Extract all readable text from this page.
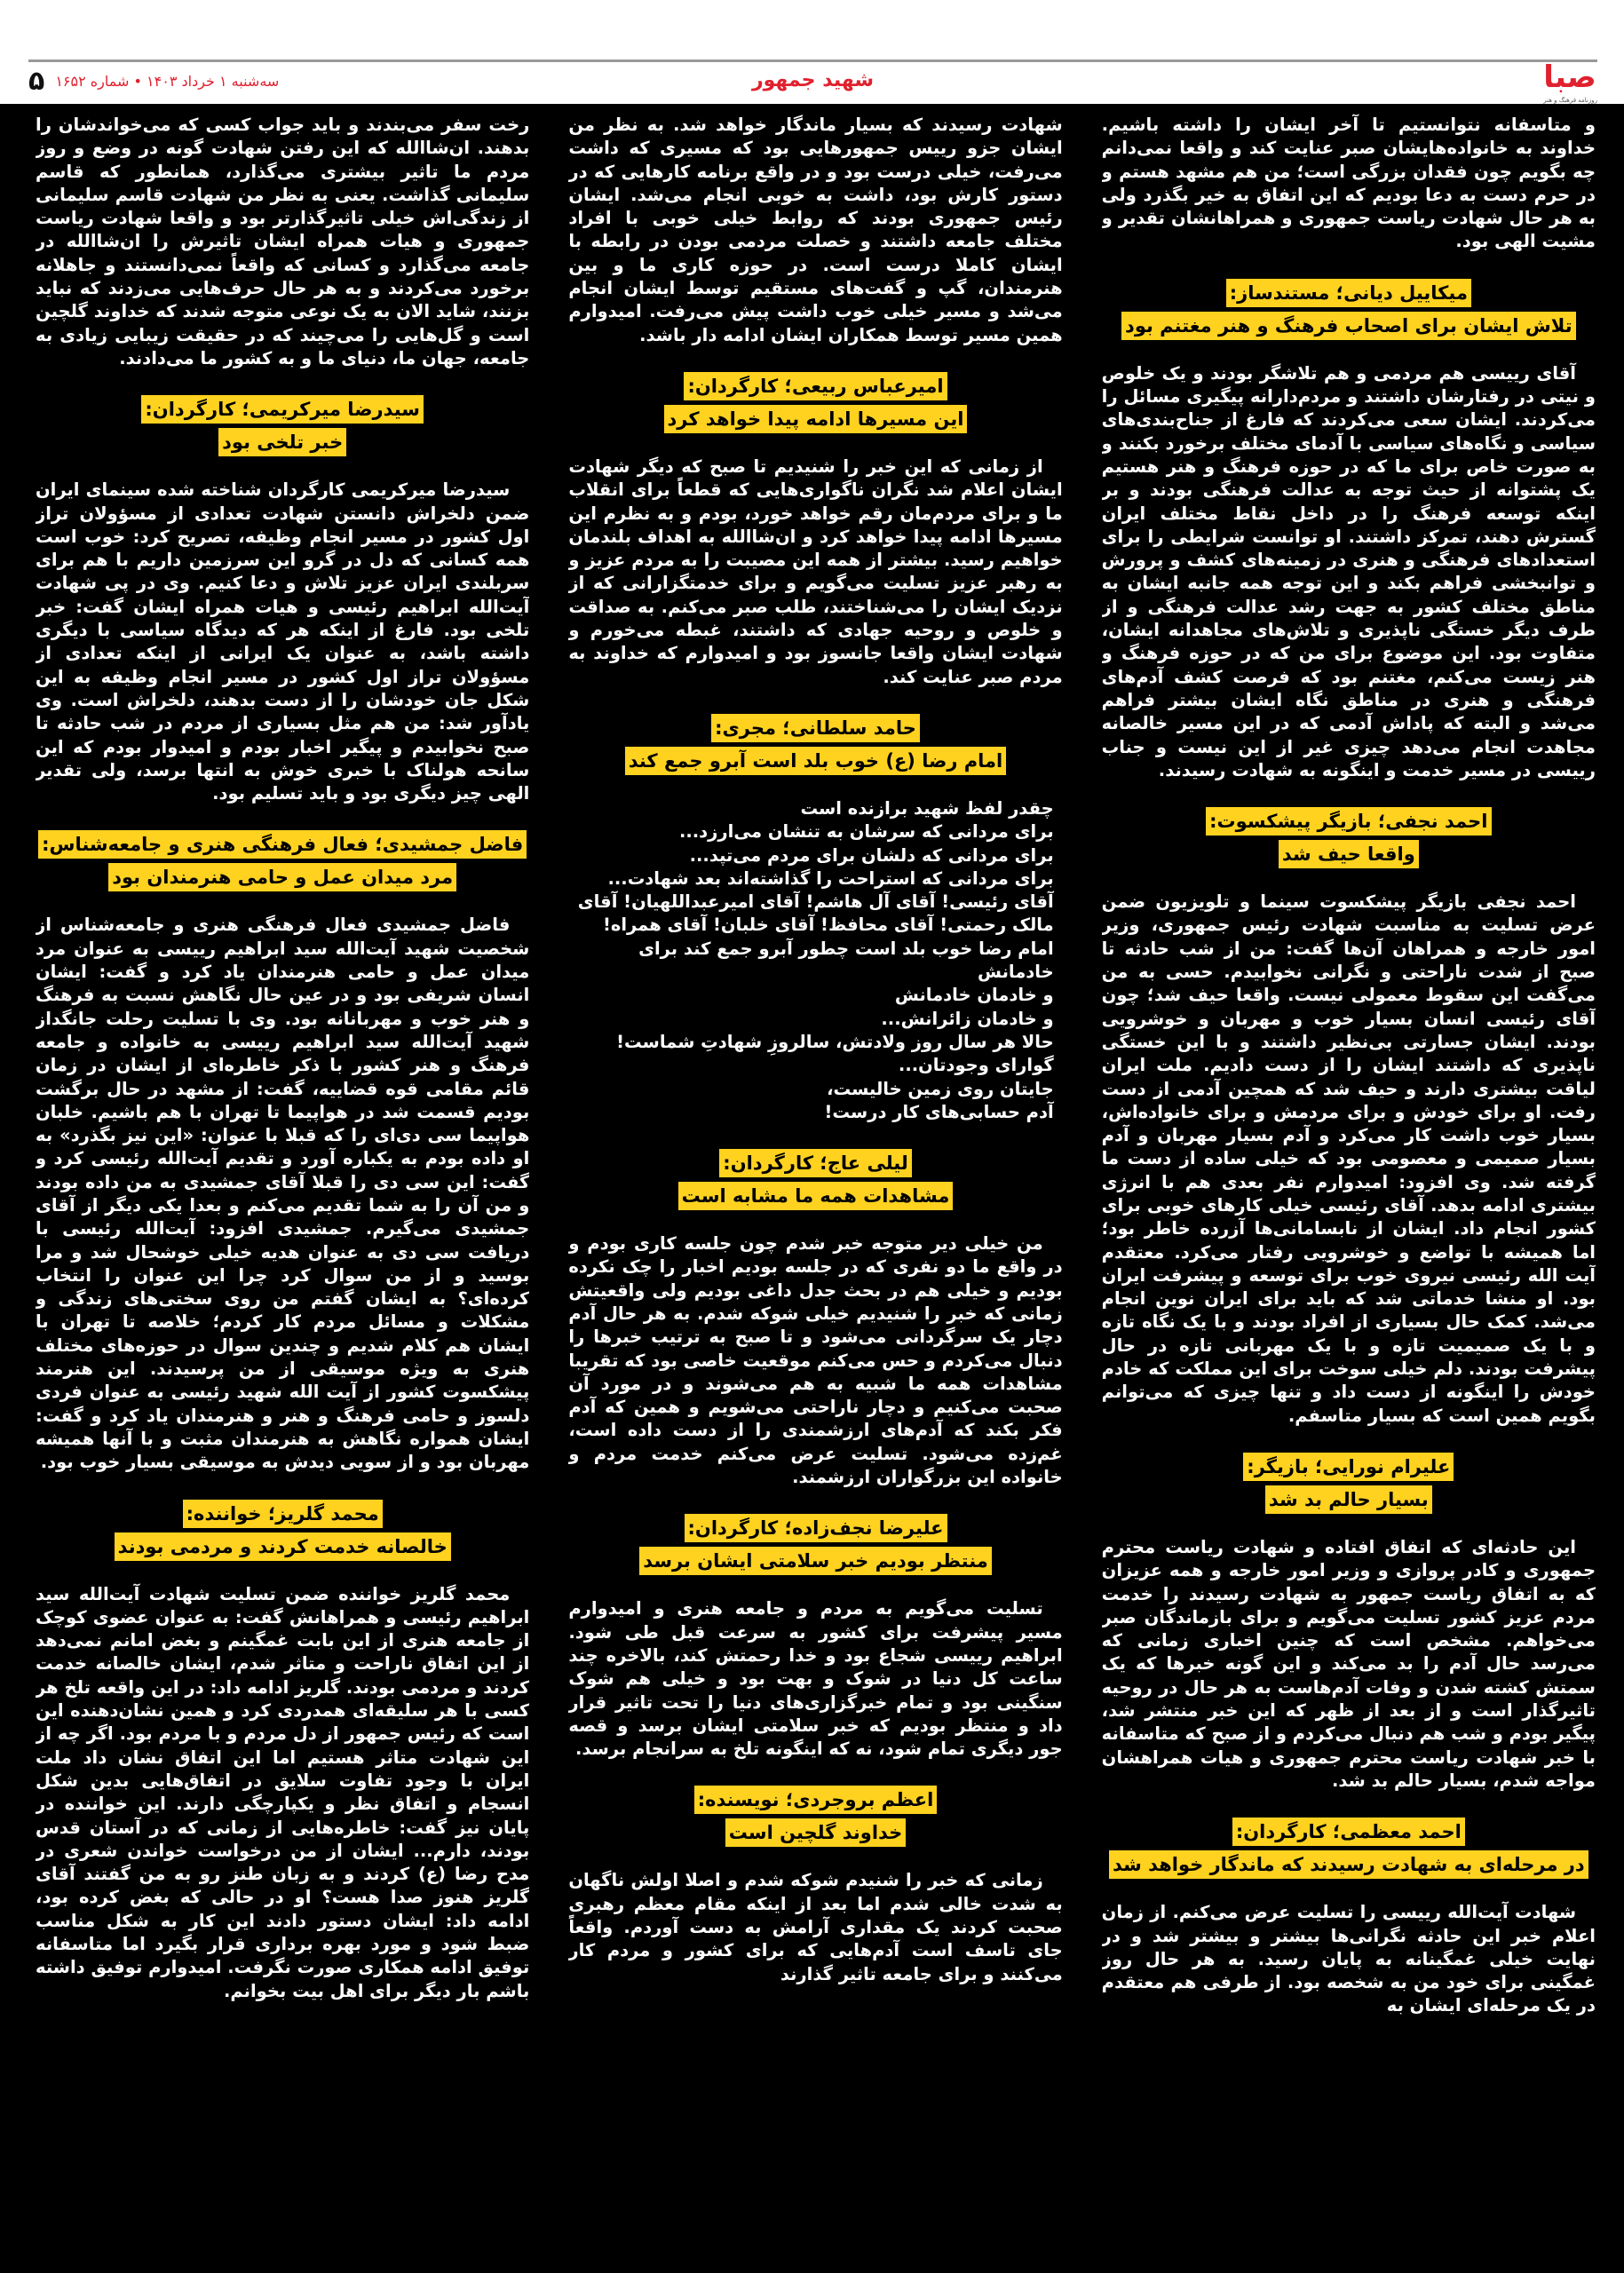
صبا
روزنامه فرهنگ و هنر
شهید جمهور
۵ سه‌شنبه ۱ خرداد ۱۴۰۳ • شماره ۱۶۵۲

و متاسفانه نتوانستیم تا آخر ایشان را داشته باشیم. خداوند به خانواده‌هایشان صبر عنایت کند و واقعا نمی‌دانم چه بگویم چون فقدان بزرگی است؛ من هم مشهد هستم و در حرم دست به دعا بودیم که این اتفاق به خیر بگذرد ولی به هر حال شهادت ریاست جمهوری و همراهانشان تقدیر و مشیت الهی بود.

میکاییل دیانی؛ مستندساز:
تلاش ایشان برای اصحاب فرهنگ و هنر مغتنم بود

آقای رییسی هم مردمی و هم تلاشگر بودند و یک خلوص و نیتی در رفتارشان داشتند و مردم‌دارانه پیگیری مسائل را می‌کردند. ایشان سعی می‌کردند که فارغ از جناح‌بندی‌های سیاسی و نگاه‌های سیاسی با آدمای مختلف برخورد بکنند و به صورت خاص برای ما که در حوزه فرهنگ و هنر هستیم یک پشتوانه از حیث توجه به عدالت فرهنگی بودند و بر اینکه توسعه فرهنگ را در داخل نقاط مختلف ایران گسترش دهند، تمرکز داشتند. او توانست شرایطی را برای استعدادهای فرهنگی و هنری در زمینه‌های کشف و پرورش و توانبخشی فراهم بکند و این توجه همه جانبه ایشان به مناطق مختلف کشور به جهت رشد عدالت فرهنگی و از طرف دیگر خستگی ناپذیری و تلاش‌های مجاهدانه ایشان، متفاوت بود. این موضوع برای من که در حوزه فرهنگ و هنر زیست می‌کنم، مغتنم بود که فرصت کشف آدم‌های فرهنگی و هنری در مناطق نگاه ایشان بیشتر فراهم می‌شد و البته که پاداش آدمی که در این مسیر خالصانه مجاهدت انجام می‌دهد چیزی غیر از این نیست و جناب رییسی در مسیر خدمت و اینگونه به شهادت رسیدند.

احمد نجفی؛ بازیگر پیشکسوت:
واقعا حیف شد

احمد نجفی بازیگر پیشکسوت سینما و تلویزیون ضمن عرض تسلیت به مناسبت شهادت رئیس جمهوری، وزیر امور خارجه و همراهان آن‌ها گفت: من از شب حادثه تا صبح از شدت ناراحتی و نگرانی نخوابیدم. حسی به من می‌گفت این سقوط معمولی نیست. واقعا حیف شد؛ چون آقای رئیسی انسان بسیار خوب و مهربان و خوشرویی بودند. ایشان جسارتی بی‌نظیر داشتند و با این خستگی ناپذیری که داشتند ایشان را از دست دادیم. ملت ایران لیاقت بیشتری دارند و حیف شد که همچین آدمی از دست رفت. او برای خودش و برای مردمش و برای خانواده‌اش، بسیار خوب داشت کار می‌کرد و آدم بسیار مهربان و آدم بسیار صمیمی و معصومی بود که خیلی ساده از دست ما گرفته شد. وی افزود: امیدوارم نفر بعدی هم با انرژی بیشتری ادامه بدهد. آقای رئیسی خیلی کارهای خوبی برای کشور انجام داد. ایشان از نابسامانی‌ها آزرده خاطر بود؛ اما همیشه با تواضع و خوشرویی رفتار می‌کرد. معتقدم آیت الله رئیسی نیروی خوب برای توسعه و پیشرفت ایران بود. او منشا خدماتی شد که باید برای ایران نوین انجام می‌شد. کمک حال بسیاری از افراد بودند و با یک نگاه تازه و با یک صمیمیت تازه و با یک مهربانی تازه در حال پیشرفت بودند. دلم خیلی سوخت برای این مملکت که خادم خودش را اینگونه از دست داد و تنها چیزی که می‌توانم بگویم همین است که بسیار متاسفم.

علیرام نورایی؛ بازیگر:
بسیار حالم بد شد

این حادثه‌ای که اتفاق افتاده و شهادت ریاست محترم جمهوری و کادر پروازی و وزیر امور خارجه و همه عزیزان که به اتفاق ریاست جمهور به شهادت رسیدند را خدمت مردم عزیز کشور تسلیت می‌گویم و برای بازماندگان صبر می‌خواهم. مشخص است که چنین اخباری زمانی که می‌رسد حال آدم را بد می‌کند و این گونه خبرها که یک سمتش کشته شدن و وفات آدم‌هاست به هر حال در روحیه تاثیرگذار است و از بعد از ظهر که این خبر منتشر شد، پیگیر بودم و شب هم دنبال می‌کردم و از صبح که متاسفانه با خبر شهادت ریاست محترم جمهوری و هیات همراهشان مواجه شدم، بسیار حالم بد شد.

احمد معظمی؛ کارگردان:
در مرحله‌ای به شهادت رسیدند که ماندگار خواهد شد

شهادت آیت‌الله رییسی را تسلیت عرض می‌کنم. از زمان اعلام خبر این حادثه نگرانی‌ها بیشتر و بیشتر شد و در نهایت خیلی غمگینانه به پایان رسید. به هر حال روز غمگینی برای خود من به شخصه بود. از طرفی هم معتقدم در یک مرحله‌ای ایشان به

شهادت رسیدند که بسیار ماندگار خواهد شد. به نظر من ایشان جزو رییس جمهورهایی بود که مسیری که داشت می‌رفت، خیلی درست بود و در واقع برنامه کارهایی که در دستور کارش بود، داشت به خوبی انجام می‌شد. ایشان رئیس جمهوری بودند که روابط خیلی خوبی با افراد مختلف جامعه داشتند و خصلت مردمی بودن در رابطه با ایشان کاملا درست است. در حوزه کاری ما و بین هنرمندان، گپ و گفت‌های مستقیم توسط ایشان انجام می‌شد و مسیر خیلی خوب داشت پیش می‌رفت. امیدوارم همین مسیر توسط همکاران ایشان ادامه دار باشد.

امیرعباس ربیعی؛ کارگردان:
این مسیرها ادامه پیدا خواهد کرد

از زمانی که این خبر را شنیدیم تا صبح که دیگر شهادت ایشان اعلام شد نگران ناگواری‌هایی که قطعاً برای انقلاب ما و برای مردم‌مان رقم خواهد خورد، بودم و به نظرم این مسیرها ادامه پیدا خواهد کرد و ان‌شاالله به اهداف بلندمان خواهیم رسید. بیشتر از همه این مصیبت را به مردم عزیز و به رهبر عزیز تسلیت می‌گویم و برای خدمتگزارانی که از نزدیک ایشان را می‌شناختند، طلب صبر می‌کنم. به صداقت و خلوص و روحیه جهادی که داشتند، غبطه می‌خورم و شهادت ایشان واقعا جانسوز بود و امیدوارم که خداوند به مردم صبر عنایت کند.

حامد سلطانی؛ مجری:
امام رضا (ع) خوب بلد است آبرو جمع کند
چقدر لفظ شهید برازنده است
برای مردانی که سرشان به تنشان می‌ارزد...
برای مردانی که دلشان برای مردم می‌تپد...
برای مردانی که استراحت را گذاشته‌اند بعد شهادت...
آقای رئیسی! آقای آل هاشم! آقای امیرعبداللهیان! آقای مالک رحمتی! آقای محافظ! آقای خلبان! آقای همراه!
امام رضا خوب بلد است چطور آبرو جمع کند برای خادمانش
و خادمان خادمانش
و خادمان زائرانش...
حالا هر سال روز ولادتش، سالروزِ شهادتِ شماست!
گوارای وجودتان...
جایتان روی زمین خالیست،
آدم حسابی‌های کار درست!
لیلی عاج؛ کارگردان:
مشاهدات همه ما مشابه است

من خیلی دیر متوجه خبر شدم چون جلسه کاری بودم و در واقع ما دو نفری که در جلسه بودیم اخبار را چک نکرده بودیم و خیلی هم در بحث جدل داغی بودیم ولی واقعیتش زمانی که خبر را شنیدیم خیلی شوکه شدم. به هر حال آدم دچار یک سرگردانی می‌شود و تا صبح به ترتیب خبرها را دنبال می‌کردم و حس می‌کنم موقعیت خاصی بود که تقریبا مشاهدات همه ما شبیه به هم می‌شوند و در مورد آن صحبت می‌کنیم و دچار ناراحتی می‌شویم و همین که آدم فکر بکند که آدم‌های ارزشمندی را از دست داده است، غم‌زده می‌شود. تسلیت عرض می‌کنم خدمت مردم و خانواده این بزرگواران ارزشمند.

علیرضا نجف‌زاده؛ کارگردان:
منتظر بودیم خبر سلامتی ایشان برسد

تسلیت می‌گویم به مردم و جامعه هنری و امیدوارم مسیر پیشرفت برای کشور به سرعت قبل طی شود. ابراهیم رییسی شجاع بود و خدا رحمتش کند، بالاخره چند ساعت کل دنیا در شوک و بهت بود و خیلی هم شوک سنگینی بود و تمام خبرگزاری‌های دنیا را تحت تاثیر قرار داد و منتظر بودیم که خبر سلامتی ایشان برسد و قصه جور دیگری تمام شود، نه که اینگونه تلخ به سرانجام برسد.

اعظم بروجردی؛ نویسنده:
خداوند گلچین است

زمانی که خبر را شنیدم شوکه شدم و اصلا اولش ناگهان به شدت خالی شدم اما بعد از اینکه مقام معظم رهبری صحبت کردند یک مقداری آرامش به دست آوردم. واقعاً جای تاسف است آدم‌هایی که برای کشور و مردم کار می‌کنند و برای جامعه تاثیر گذارند

رخت سفر می‌بندند و باید جواب کسی که می‌خواندشان را بدهند. ان‌شاالله که این رفتن شهادت گونه در وضع و روز مردم ما تاثیر بیشتری می‌گذارد، همانطور که قاسم سلیمانی گذاشت. یعنی به نظر من شهادت قاسم سلیمانی از زندگی‌اش خیلی تاثیرگذارتر بود و واقعا شهادت ریاست جمهوری و هیات همراه ایشان تاثیرش را ان‌شاالله در جامعه می‌گذارد و کسانی که واقعاً نمی‌دانستند و جاهلانه برخورد می‌کردند و به هر حال حرف‌هایی می‌زدند که نباید بزنند، شاید الان به یک نوعی متوجه شدند که خداوند گلچین است و گل‌هایی را می‌چیند که در حقیقت زیبایی زیادی به جامعه، جهان ما، دنیای ما و به کشور ما می‌دادند.

سیدرضا میرکریمی؛ کارگردان:
خبر تلخی بود

سیدرضا میرکریمی کارگردان شناخته شده سینمای ایران ضمن دلخراش دانستن شهادت تعدادی از مسؤولان تراز اول کشور در مسیر انجام وظیفه، تصریح کرد: خوب است همه کسانی که دل در گرو این سرزمین داریم با هم برای سربلندی ایران عزیز تلاش و دعا کنیم. وی در پی شهادت آیت‌الله ابراهیم رئیسی و هیات همراه ایشان گفت: خبر تلخی بود. فارغ از اینکه هر که دیدگاه سیاسی با دیگری داشته باشد، به عنوان یک ایرانی از اینکه تعدادی از مسؤولان تراز اول کشور در مسیر انجام وظیفه به این شکل جان خودشان را از دست بدهند، دلخراش است. وی یادآور شد: من هم مثل بسیاری از مردم در شب حادثه تا صبح نخوابیدم و پیگیر اخبار بودم و امیدوار بودم که این سانحه هولناک با خبری خوش به انتها برسد، ولی تقدیر الهی چیز دیگری بود و باید تسلیم بود.

فاضل جمشیدی؛ فعال فرهنگی هنری و جامعه‌شناس:
مرد میدان عمل و حامی هنرمندان بود

فاضل جمشیدی فعال فرهنگی هنری و جامعه‌شناس از شخصیت شهید آیت‌الله سید ابراهیم رییسی به عنوان مرد میدان عمل و حامی هنرمندان یاد کرد و گفت: ایشان انسان شریفی بود و در عین حال نگاهش نسبت به فرهنگ و هنر خوب و مهربانانه بود. وی با تسلیت رحلت جانگداز شهید آیت‌الله سید ابراهیم رییسی به خانواده و جامعه فرهنگ و هنر کشور با ذکر خاطره‌ای از ایشان در زمان قائم مقامی قوه قضاییه، گفت: از مشهد در حال برگشت بودیم قسمت شد در هواپیما تا تهران با هم باشیم. خلبان هواپیما سی دی‌ای را که قبلا با عنوان: «این نیز بگذرد» به او داده بودم به یکباره آورد و تقدیم آیت‌الله رئیسی کرد و گفت: این سی دی را قبلا آقای جمشیدی به من داده بودند و من آن را به شما تقدیم می‌کنم و بعدا یکی دیگر از آقای جمشیدی می‌گیرم. جمشیدی افزود: آیت‌الله رئیسی با دریافت سی دی به عنوان هدیه خیلی خوشحال شد و مرا بوسید و از من سوال کرد چرا این عنوان را انتخاب کرده‌ای؟ به ایشان گفتم من روی سختی‌های زندگی و مشکلات و مسائل مردم کار کردم؛ خلاصه تا تهران با ایشان هم کلام شدیم و چندین سوال در حوزه‌های مختلف هنری به ویژه موسیقی از من پرسیدند. این هنرمند پیشکسوت کشور از آیت الله شهید رئیسی به عنوان فردی دلسوز و حامی فرهنگ و هنر و هنرمندان یاد کرد و گفت: ایشان همواره نگاهش به هنرمندان مثبت و با آنها همیشه مهربان بود و از سویی دیدش به موسیقی بسیار خوب بود.

محمد گلریز؛ خواننده:
خالصانه خدمت کردند و مردمی بودند

محمد گلریز خواننده ضمن تسلیت شهادت آیت‌الله سید ابراهیم رئیسی و همراهانش گفت: به عنوان عضوی کوچک از جامعه هنری از این بابت غمگینم و بغض امانم نمی‌دهد از این اتفاق ناراحت و متاثر شدم، ایشان خالصانه خدمت کردند و مردمی بودند. گلریز ادامه داد: در این واقعه تلخ هر کسی با هر سلیقه‌ای همدردی کرد و همین نشان‌دهنده این است که رئیس جمهور از دل مردم و با مردم بود. اگر چه از این شهادت متاثر هستیم اما این اتفاق نشان داد ملت ایران با وجود تفاوت سلایق در اتفاق‌هایی بدین شکل انسجام و اتفاق نظر و یکپارچگی دارند. این خواننده در پایان نیز گفت: خاطره‌هایی از زمانی که در آستان قدس بودند، دارم... ایشان از من درخواست خواندن شعری در مدح رضا (ع) کردند و به زبان طنز رو به من گفتند آقای گلریز هنوز صدا هست؟ او در حالی که بغض کرده بود، ادامه داد: ایشان دستور دادند این کار به شکل مناسب ضبط شود و مورد بهره برداری قرار بگیرد اما متاسفانه توفیق ادامه همکاری صورت نگرفت. امیدوارم توفیق داشته باشم بار دیگر برای اهل بیت بخوانم.
